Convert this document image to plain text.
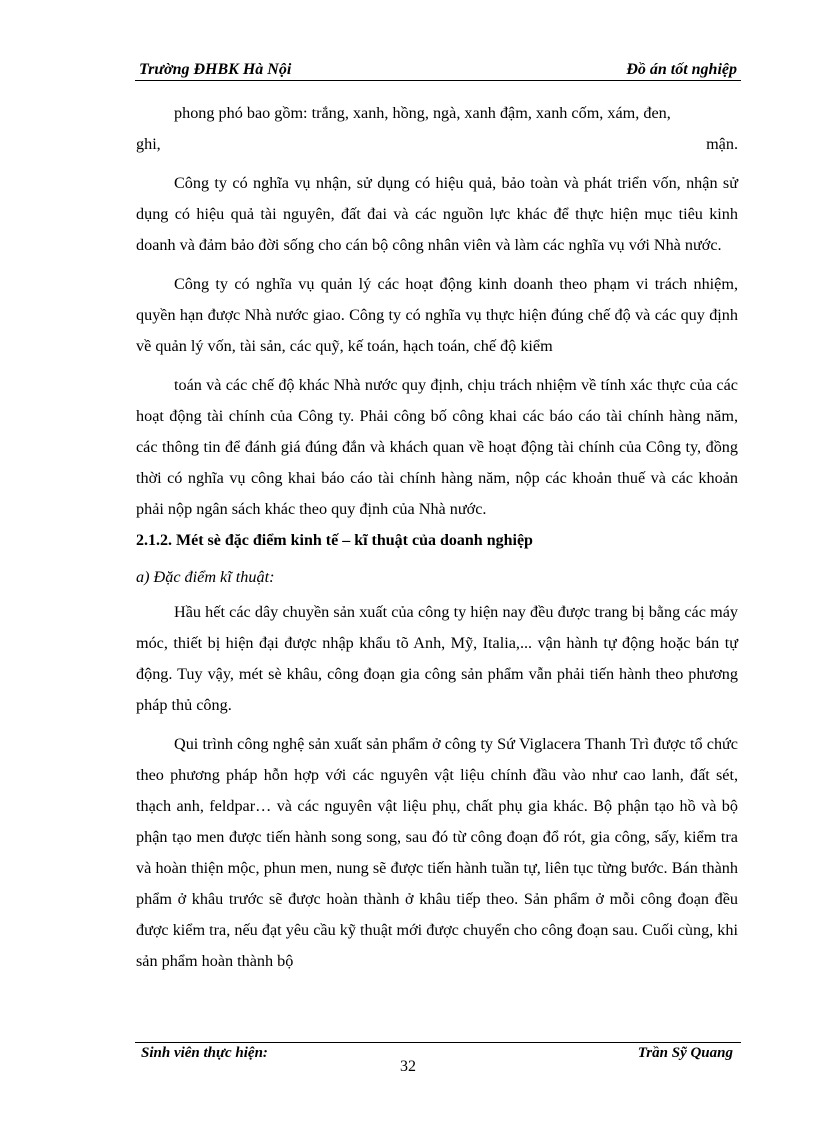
Trường ĐHBK Hà Nội	Đồ án tốt nghiệp

phong phó bao gồm: trắng, xanh, hồng, ngà, xanh đậm, xanh cốm, xám, đen,

ghi,	mận.

Công ty có nghĩa vụ nhận, sử dụng có hiệu quả, bảo toàn và phát triển vốn, nhận sử dụng có hiệu quả tài nguyên, đất đai và các nguồn lực khác để thực hiện mục tiêu kinh doanh và đảm bảo đời sống cho cán bộ công nhân viên và làm các nghĩa vụ với Nhà nước.

Công ty có nghĩa vụ quản lý các hoạt động kinh doanh theo phạm vi trách nhiệm, quyền hạn được Nhà nước giao. Công ty có nghĩa vụ thực hiện đúng chế độ và các quy định về quản lý vốn, tài sản, các quỹ, kế toán, hạch toán, chế độ kiểm

toán và các chế độ khác Nhà nước quy định, chịu trách nhiệm về tính xác thực của các hoạt động tài chính của Công ty. Phải công bố công khai các báo cáo tài chính hàng năm, các thông tin để đánh giá đúng đắn và khách quan về hoạt động tài chính của Công ty, đồng thời có nghĩa vụ công khai báo cáo tài chính hàng năm, nộp các khoản thuế và các khoản phải nộp ngân sách khác theo quy định của Nhà nước.

2.1.2. Mét sè đặc điểm kinh tế – kĩ thuật của doanh nghiệp

a) Đặc điểm kĩ thuật:

Hầu hết các dây chuyền sản xuất của công ty hiện nay đều được trang bị bằng các máy móc, thiết bị hiện đại được nhập khẩu tõ Anh, Mỹ, Italia,... vận hành tự động hoặc bán tự động. Tuy vậy, mét sè khâu, công đoạn gia công sản phẩm vẫn phải tiến hành theo phương pháp thủ công.

Qui trình công nghệ sản xuất sản phẩm ở công ty Sứ Viglacera Thanh Trì được tổ chức theo phương pháp hỗn hợp với các nguyên vật liệu chính đầu vào như cao lanh, đất sét, thạch anh, feldpar… và các nguyên vật liệu phụ, chất phụ gia khác. Bộ phận tạo hồ và bộ phận tạo men được tiến hành song song, sau đó từ công đoạn đổ rót, gia công, sấy, kiểm tra và hoàn thiện mộc, phun men, nung sẽ được tiến hành tuần tự, liên tục từng bước. Bán thành phẩm ở khâu trước sẽ được hoàn thành ở khâu tiếp theo. Sản phẩm ở mỗi công đoạn đều được kiểm tra, nếu đạt yêu cầu kỹ thuật mới được chuyển cho công đoạn sau. Cuối cùng, khi sản phẩm hoàn thành bộ

Sinh viên thực hiện:	Trần Sỹ Quang
32
